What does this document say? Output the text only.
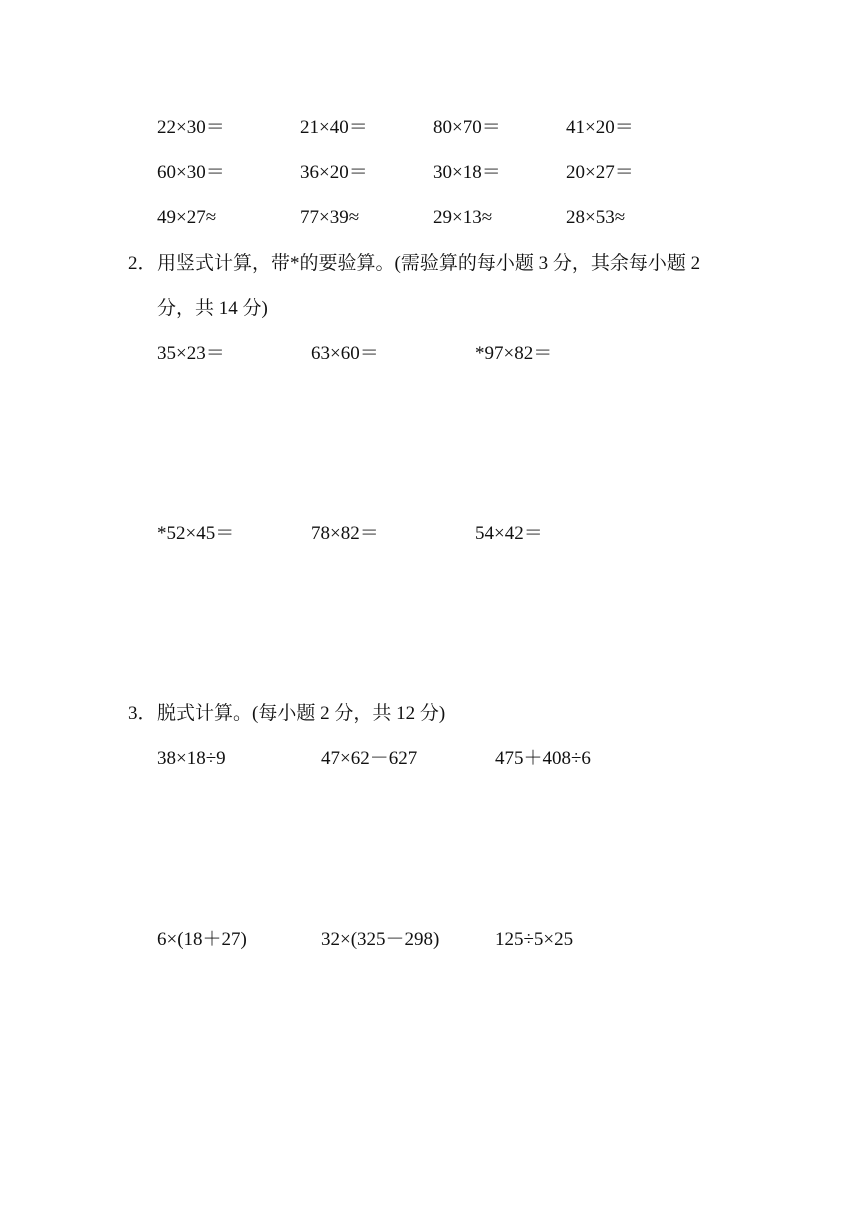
22×30＝	21×40＝	80×70＝	41×20＝
60×30＝	36×20＝	30×18＝	20×27＝
49×27≈	77×39≈	29×13≈	28×53≈
2． 用竖式计算，带*的要验算。(需验算的每小题 3 分，其余每小题 2
分，共 14 分)
35×23＝	63×60＝	*97×82＝
*52×45＝	78×82＝	54×42＝
3． 脱式计算。(每小题 2 分，共 12 分)
38×18÷9	47×62－627	475＋408÷6
6×(18＋27)	32×(325－298)	125÷5×25
